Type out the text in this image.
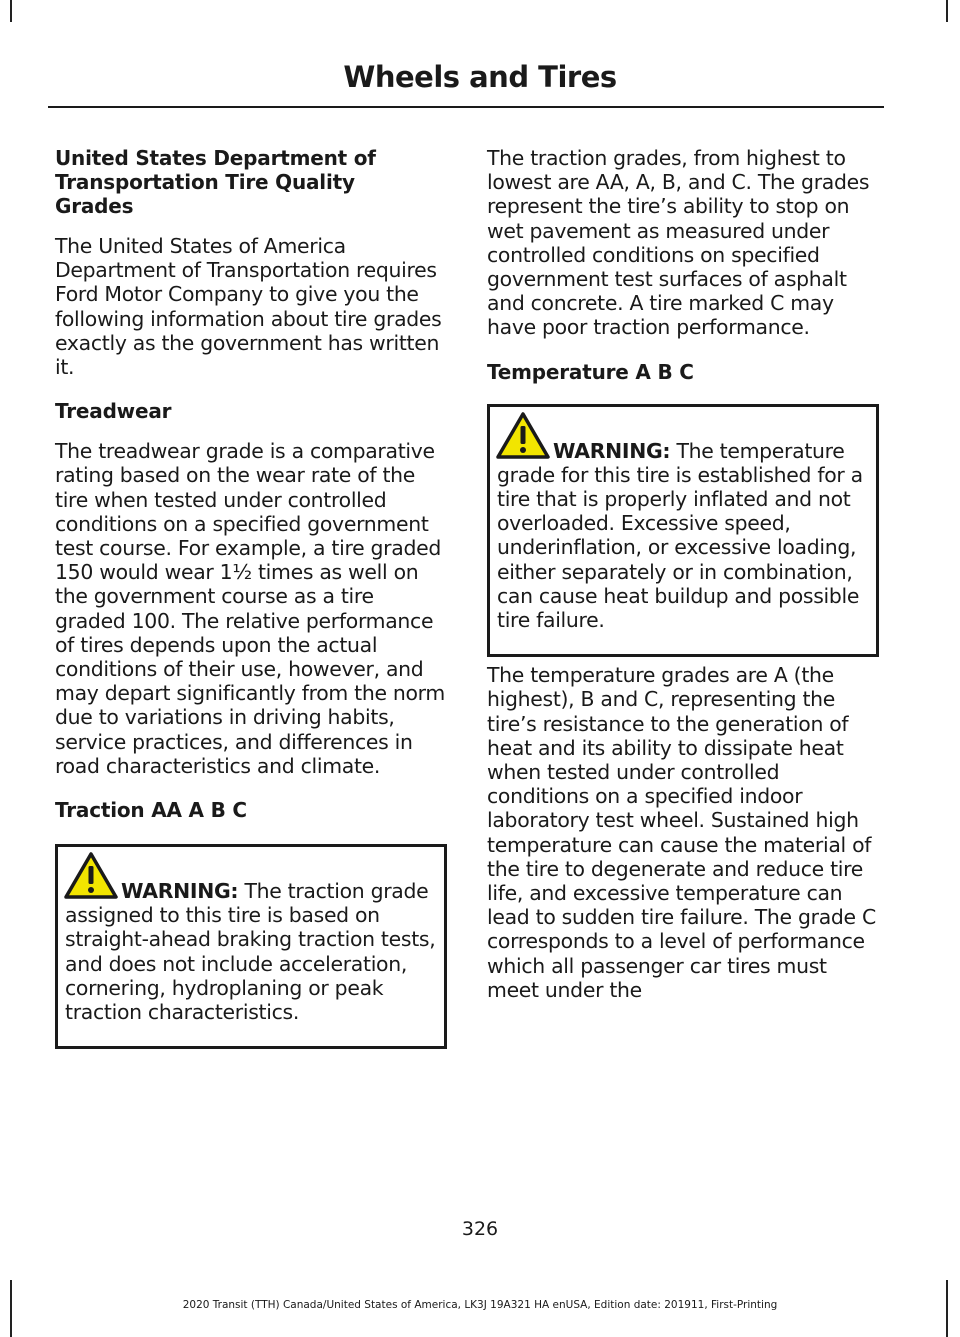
Wheels and Tires
United States Department of Transportation Tire Quality Grades

The United States of America Department of Transportation requires Ford Motor Company to give you the following information about tire grades exactly as the government has written it.

Treadwear

The treadwear grade is a comparative rating based on the wear rate of the tire when tested under controlled conditions on a specified government test course. For example, a tire graded 150 would wear 1½ times as well on the government course as a tire graded 100. The relative performance of tires depends upon the actual conditions of their use, however, and may depart significantly from the norm due to variations in driving habits, service practices, and differences in road characteristics and climate.

Traction AA A B C

WARNING: The traction grade assigned to this tire is based on straight-ahead braking traction tests, and does not include acceleration, cornering, hydroplaning or peak traction characteristics.

The traction grades, from highest to lowest are AA, A, B, and C. The grades represent the tire’s ability to stop on wet pavement as measured under controlled conditions on specified government test surfaces of asphalt and concrete. A tire marked C may have poor traction performance.

Temperature A B C

WARNING: The temperature grade for this tire is established for a tire that is properly inflated and not overloaded. Excessive speed, underinflation, or excessive loading, either separately or in combination, can cause heat buildup and possible tire failure.

The temperature grades are A (the highest), B and C, representing the tire’s resistance to the generation of heat and its ability to dissipate heat when tested under controlled conditions on a specified indoor laboratory test wheel. Sustained high temperature can cause the material of the tire to degenerate and reduce tire life, and excessive temperature can lead to sudden tire failure. The grade C corresponds to a level of performance which all passenger car tires must meet under the

326
2020 Transit (TTH) Canada/United States of America, LK3J 19A321 HA enUSA, Edition date: 201911, First-Printing
